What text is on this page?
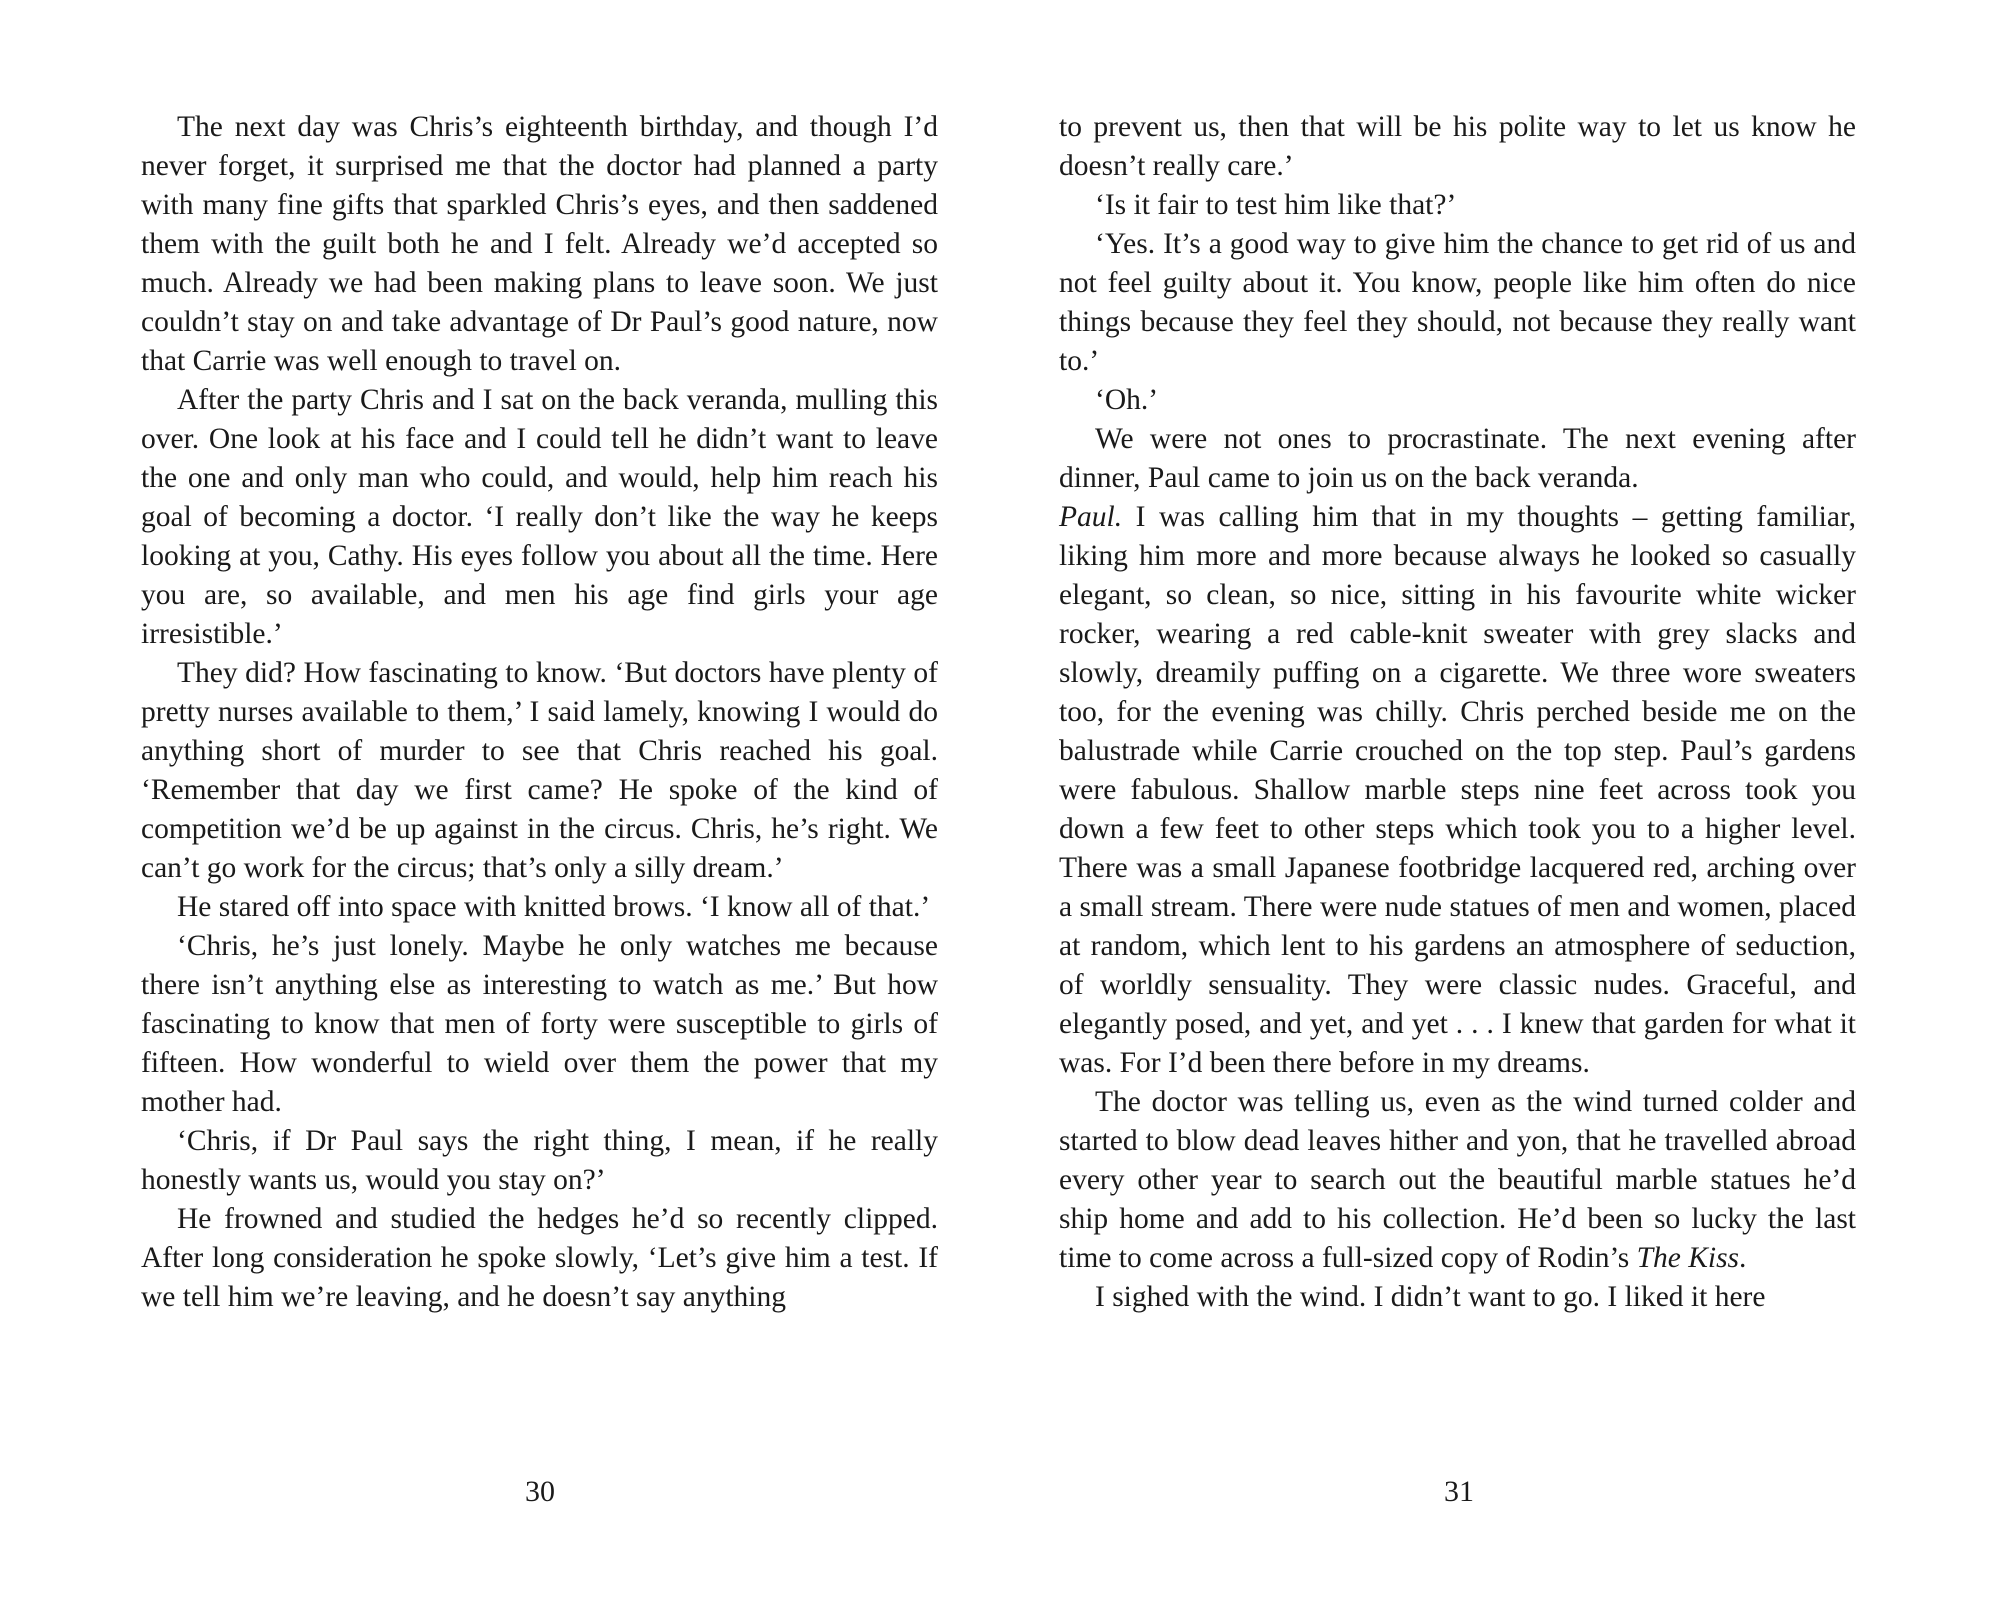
The next day was Chris’s eighteenth birthday, and though I’d never forget, it surprised me that the doctor had planned a party with many fine gifts that sparkled Chris’s eyes, and then saddened them with the guilt both he and I felt. Already we’d accepted so much. Already we had been making plans to leave soon. We just couldn’t stay on and take advantage of Dr Paul’s good nature, now that Carrie was well enough to travel on.

After the party Chris and I sat on the back veranda, mulling this over. One look at his face and I could tell he didn’t want to leave the one and only man who could, and would, help him reach his goal of becoming a doctor. ‘I really don’t like the way he keeps looking at you, Cathy. His eyes follow you about all the time. Here you are, so available, and men his age find girls your age irresistible.’

They did? How fascinating to know. ‘But doctors have plenty of pretty nurses available to them,’ I said lamely, knowing I would do anything short of murder to see that Chris reached his goal. ‘Remember that day we first came? He spoke of the kind of competition we’d be up against in the circus. Chris, he’s right. We can’t go work for the circus; that’s only a silly dream.’

He stared off into space with knitted brows. ‘I know all of that.’

‘Chris, he’s just lonely. Maybe he only watches me because there isn’t anything else as interesting to watch as me.’ But how fascinating to know that men of forty were susceptible to girls of fifteen. How wonderful to wield over them the power that my mother had.

‘Chris, if Dr Paul says the right thing, I mean, if he really honestly wants us, would you stay on?’

He frowned and studied the hedges he’d so recently clipped. After long consideration he spoke slowly, ‘Let’s give him a test. If we tell him we’re leaving, and he doesn’t say anything

30

to prevent us, then that will be his polite way to let us know he doesn’t really care.’

‘Is it fair to test him like that?’

‘Yes. It’s a good way to give him the chance to get rid of us and not feel guilty about it. You know, people like him often do nice things because they feel they should, not because they really want to.’

‘Oh.’

We were not ones to procrastinate. The next evening after dinner, Paul came to join us on the back veranda.

Paul. I was calling him that in my thoughts – getting familiar, liking him more and more because always he looked so casually elegant, so clean, so nice, sitting in his favourite white wicker rocker, wearing a red cable-knit sweater with grey slacks and slowly, dreamily puffing on a cigarette. We three wore sweaters too, for the evening was chilly. Chris perched beside me on the balustrade while Carrie crouched on the top step. Paul’s gardens were fabulous. Shallow marble steps nine feet across took you down a few feet to other steps which took you to a higher level. There was a small Japanese footbridge lacquered red, arching over a small stream. There were nude statues of men and women, placed at random, which lent to his gardens an atmosphere of seduction, of worldly sensuality. They were classic nudes. Graceful, and elegantly posed, and yet, and yet . . . I knew that garden for what it was. For I’d been there before in my dreams.

The doctor was telling us, even as the wind turned colder and started to blow dead leaves hither and yon, that he travelled abroad every other year to search out the beautiful marble statues he’d ship home and add to his collection. He’d been so lucky the last time to come across a full-sized copy of Rodin’s The Kiss.

I sighed with the wind. I didn’t want to go. I liked it here

31
